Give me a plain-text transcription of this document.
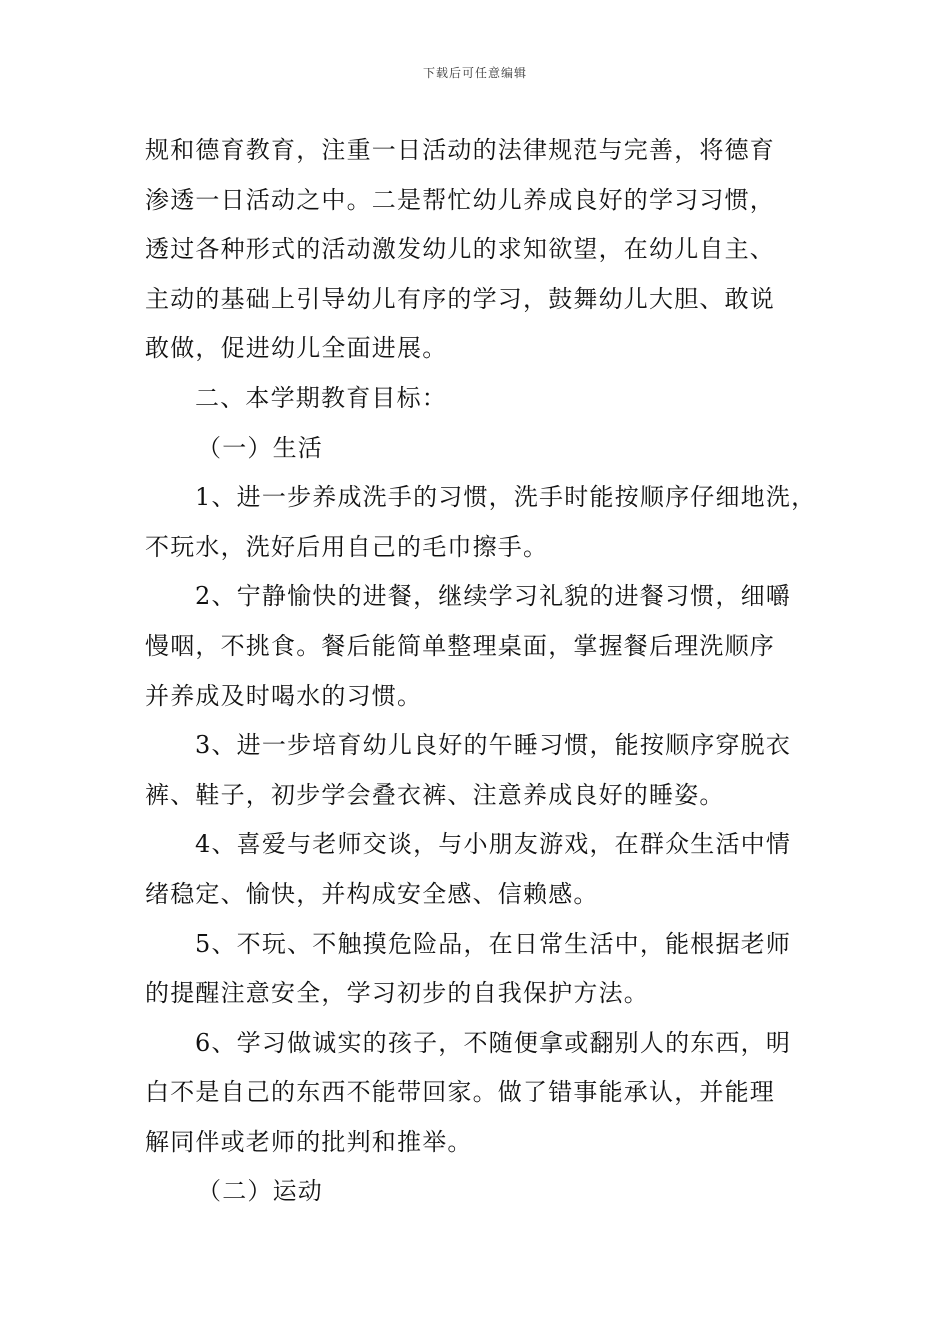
下载后可任意编辑
规和德育教育，注重一日活动的法律规范与完善，将德育
渗透一日活动之中。二是帮忙幼儿养成良好的学习习惯，
透过各种形式的活动激发幼儿的求知欲望，在幼儿自主、
主动的基础上引导幼儿有序的学习，鼓舞幼儿大胆、敢说
敢做，促进幼儿全面进展。
二、本学期教育目标：
（一）生活
1、进一步养成洗手的习惯，洗手时能按顺序仔细地洗，
不玩水，洗好后用自己的毛巾擦手。
2、宁静愉快的进餐，继续学习礼貌的进餐习惯，细嚼
慢咽，不挑食。餐后能简单整理桌面，掌握餐后理洗顺序
并养成及时喝水的习惯。
3、进一步培育幼儿良好的午睡习惯，能按顺序穿脱衣
裤、鞋子，初步学会叠衣裤、注意养成良好的睡姿。
4、喜爱与老师交谈，与小朋友游戏，在群众生活中情
绪稳定、愉快，并构成安全感、信赖感。
5、不玩、不触摸危险品，在日常生活中，能根据老师
的提醒注意安全，学习初步的自我保护方法。
6、学习做诚实的孩子，不随便拿或翻别人的东西，明
白不是自己的东西不能带回家。做了错事能承认，并能理
解同伴或老师的批判和推举。
（二）运动
